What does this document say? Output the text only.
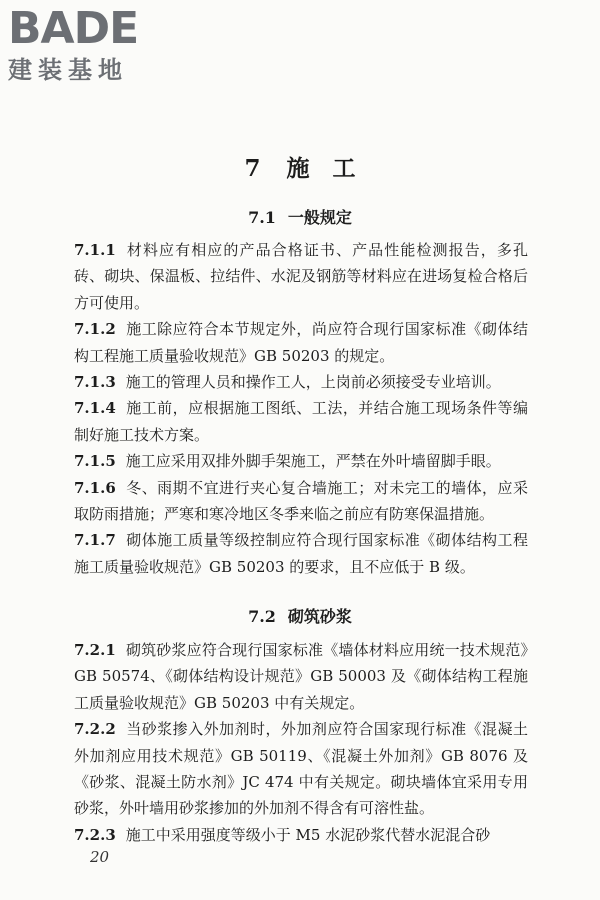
BADE
建装基地
7 施　工
7.1 一般规定

7.1.1 材料应有相应的产品合格证书、产品性能检测报告，多孔砖、砌块、保温板、拉结件、水泥及钢筋等材料应在进场复检合格后方可使用。

7.1.2 施工除应符合本节规定外，尚应符合现行国家标准《砌体结构工程施工质量验收规范》GB 50203 的规定。

7.1.3 施工的管理人员和操作工人，上岗前必须接受专业培训。

7.1.4 施工前，应根据施工图纸、工法，并结合施工现场条件等编制好施工技术方案。

7.1.5 施工应采用双排外脚手架施工，严禁在外叶墙留脚手眼。

7.1.6 冬、雨期不宜进行夹心复合墙施工；对未完工的墙体，应采取防雨措施；严寒和寒冷地区冬季来临之前应有防寒保温措施。

7.1.7 砌体施工质量等级控制应符合现行国家标准《砌体结构工程施工质量验收规范》GB 50203 的要求，且不应低于 B 级。

7.2 砌筑砂浆

7.2.1 砌筑砂浆应符合现行国家标准《墙体材料应用统一技术规范》GB 50574、《砌体结构设计规范》GB 50003 及《砌体结构工程施工质量验收规范》GB 50203 中有关规定。

7.2.2 当砂浆掺入外加剂时，外加剂应符合国家现行标准《混凝土外加剂应用技术规范》GB 50119、《混凝土外加剂》GB 8076 及《砂浆、混凝土防水剂》JC 474 中有关规定。砌块墙体宜采用专用砂浆，外叶墙用砂浆掺加的外加剂不得含有可溶性盐。

7.2.3 施工中采用强度等级小于 M5 水泥砂浆代替水泥混合砂

20
